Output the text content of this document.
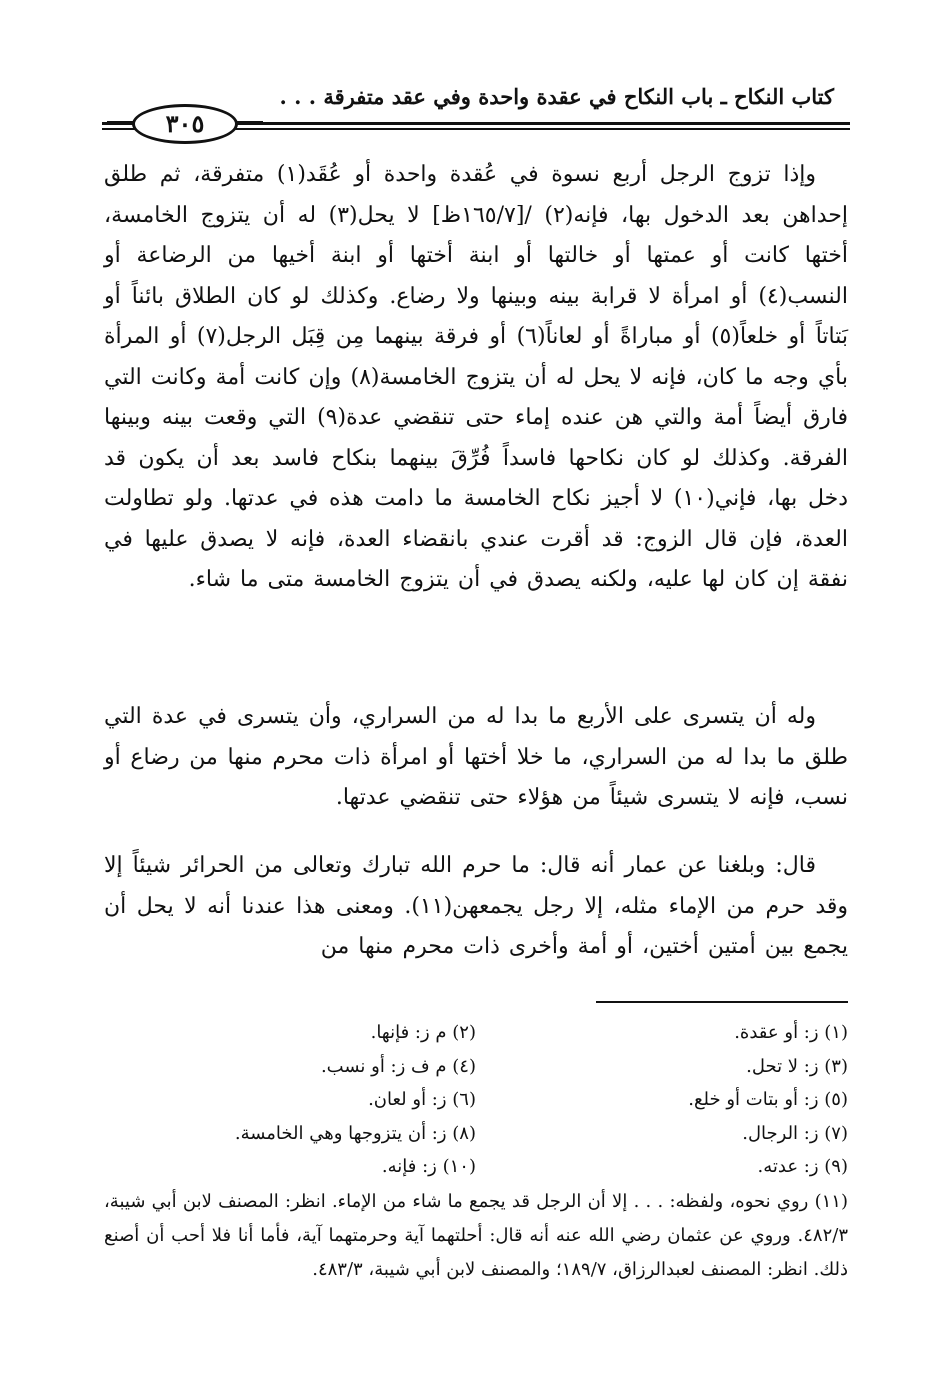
كتاب النكاح ـ باب النكاح في عقدة واحدة وفي عقد متفرقة . . .
٣٠٥

وإذا تزوج الرجل أربع نسوة في عُقدة واحدة أو عُقَد(١) متفرقة، ثم طلق إحداهن بعد الدخول بها، فإنه(٢) /[١٦٥/٧ظ] لا يحل(٣) له أن يتزوج الخامسة، أختها كانت أو عمتها أو خالتها أو ابنة أختها أو ابنة أخيها من الرضاعة أو النسب(٤) أو امرأة لا قرابة بينه وبينها ولا رضاع. وكذلك لو كان الطلاق بائناً أو بَتاتاً أو خلعاً(٥) أو مباراةً أو لعاناً(٦) أو فرقة بينهما مِن قِبَل الرجل(٧) أو المرأة بأي وجه ما كان، فإنه لا يحل له أن يتزوج الخامسة(٨) وإن كانت أمة وكانت التي فارق أيضاً أمة والتي هن عنده إماء حتى تنقضي عدة(٩) التي وقعت بينه وبينها الفرقة. وكذلك لو كان نكاحها فاسداً فُرِّقَ بينهما بنكاح فاسد بعد أن يكون قد دخل بها، فإني(١٠) لا أجيز نكاح الخامسة ما دامت هذه في عدتها. ولو تطاولت العدة، فإن قال الزوج: قد أقرت عندي بانقضاء العدة، فإنه لا يصدق عليها في نفقة إن كان لها عليه، ولكنه يصدق في أن يتزوج الخامسة متى ما شاء.

وله أن يتسرى على الأربع ما بدا له من السراري، وأن يتسرى في عدة التي طلق ما بدا له من السراري، ما خلا أختها أو امرأة ذات محرم منها من رضاع أو نسب، فإنه لا يتسرى شيئاً من هؤلاء حتى تنقضي عدتها.

قال: وبلغنا عن عمار أنه قال: ما حرم الله تبارك وتعالى من الحرائر شيئاً إلا وقد حرم من الإماء مثله، إلا رجل يجمعهن(١١). ومعنى هذا عندنا أنه لا يحل أن يجمع بين أمتين أختين، أو أمة وأخرى ذات محرم منها من

(١) ز: أو عقدة.
(٢) م ز: فإنها.
(٣) ز: لا تحل.
(٤) م ف ز: أو نسب.
(٥) ز: أو بتات أو خلع.
(٦) ز: أو لعان.
(٧) ز: الرجال.
(٨) ز: أن يتزوجها وهي الخامسة.
(٩) ز: عدته.
(١٠) ز: فإنه.
(١١) روي نحوه، ولفظه: . . . إلا أن الرجل قد يجمع ما شاء من الإماء. انظر: المصنف لابن أبي شيبة، ٤٨٢/٣. وروي عن عثمان رضي الله عنه أنه قال: أحلتهما آية وحرمتهما آية، فأما أنا فلا أحب أن أصنع ذلك. انظر: المصنف لعبدالرزاق، ١٨٩/٧؛ والمصنف لابن أبي شيبة، ٤٨٣/٣.
